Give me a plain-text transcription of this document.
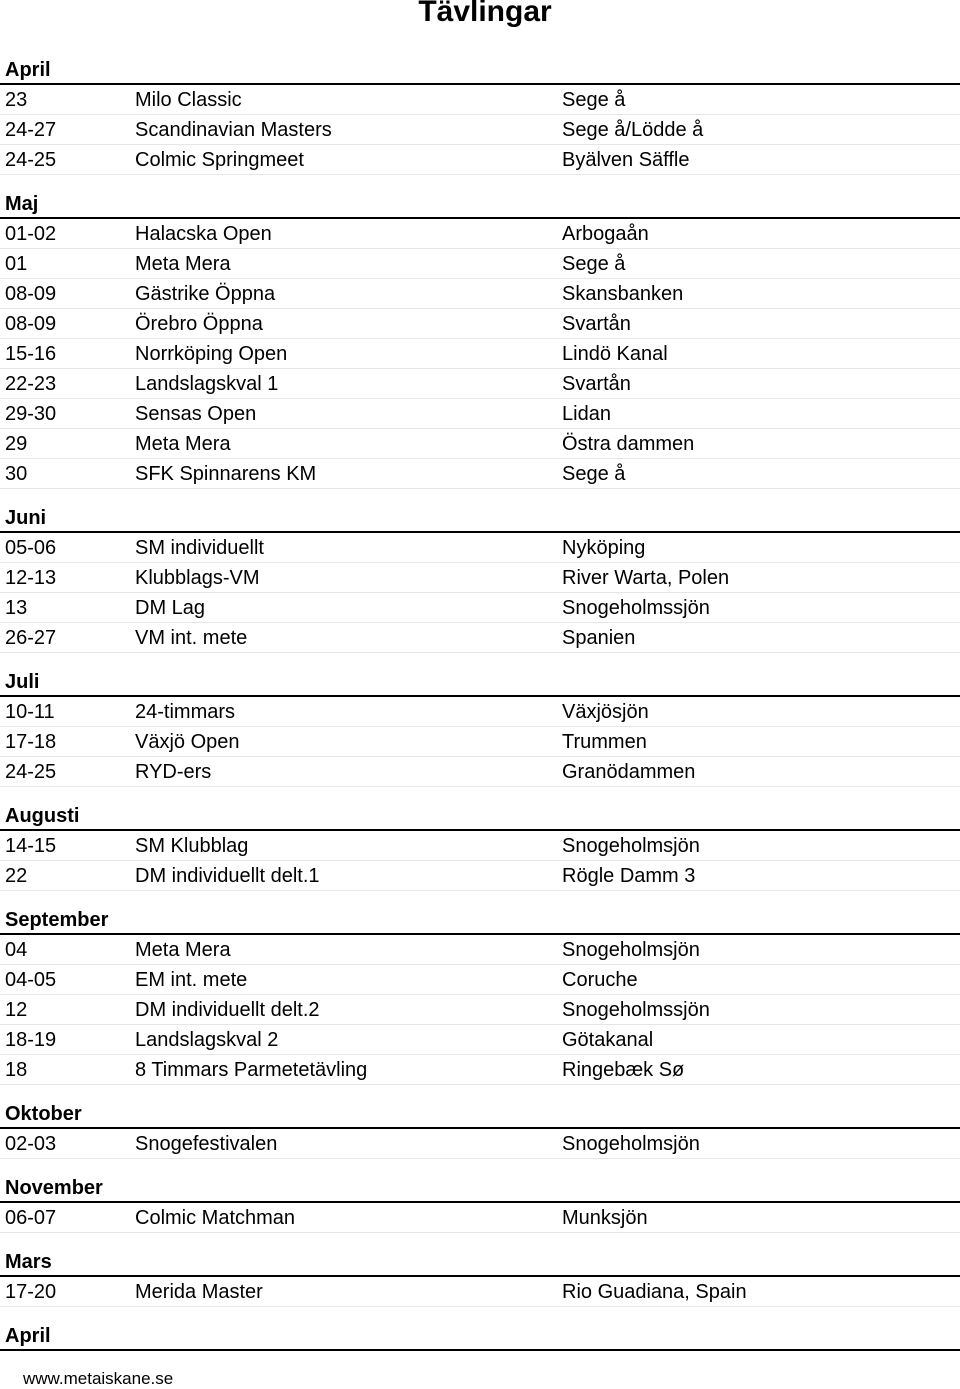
Tävlingar
April
23	Milo Classic	Sege å
24-27	Scandinavian Masters	Sege å/Lödde å
24-25	Colmic Springmeet	Byälven Säffle
Maj
01-02	Halacska Open	Arbogaån
01	Meta Mera	Sege å
08-09	Gästrike Öppna	Skansbanken
08-09	Örebro Öppna	Svartån
15-16	Norrköping Open	Lindö Kanal
22-23	Landslagskval 1	Svartån
29-30	Sensas Open	Lidan
29	Meta Mera	Östra dammen
30	SFK Spinnarens KM	Sege å
Juni
05-06	SM individuellt	Nyköping
12-13	Klubblags-VM	River Warta, Polen
13	DM Lag	Snogeholmssjön
26-27	VM int. mete	Spanien
Juli
10-11	24-timmars	Växjösjön
17-18	Växjö Open	Trummen
24-25	RYD-ers	Granödammen
Augusti
14-15	SM Klubblag	Snogeholmsjön
22	DM individuellt delt.1	Rögle Damm 3
September
04	Meta Mera	Snogeholmsjön
04-05	EM int. mete	Coruche
12	DM individuellt delt.2	Snogeholmssjön
18-19	Landslagskval 2	Götakanal
18	8 Timmars Parmetetävling	Ringebæk Sø
Oktober
02-03	Snogefestivalen	Snogeholmsjön
November
06-07	Colmic Matchman	Munksjön
Mars
17-20	Merida Master	Rio Guadiana, Spain
April
www.metaiskane.se
